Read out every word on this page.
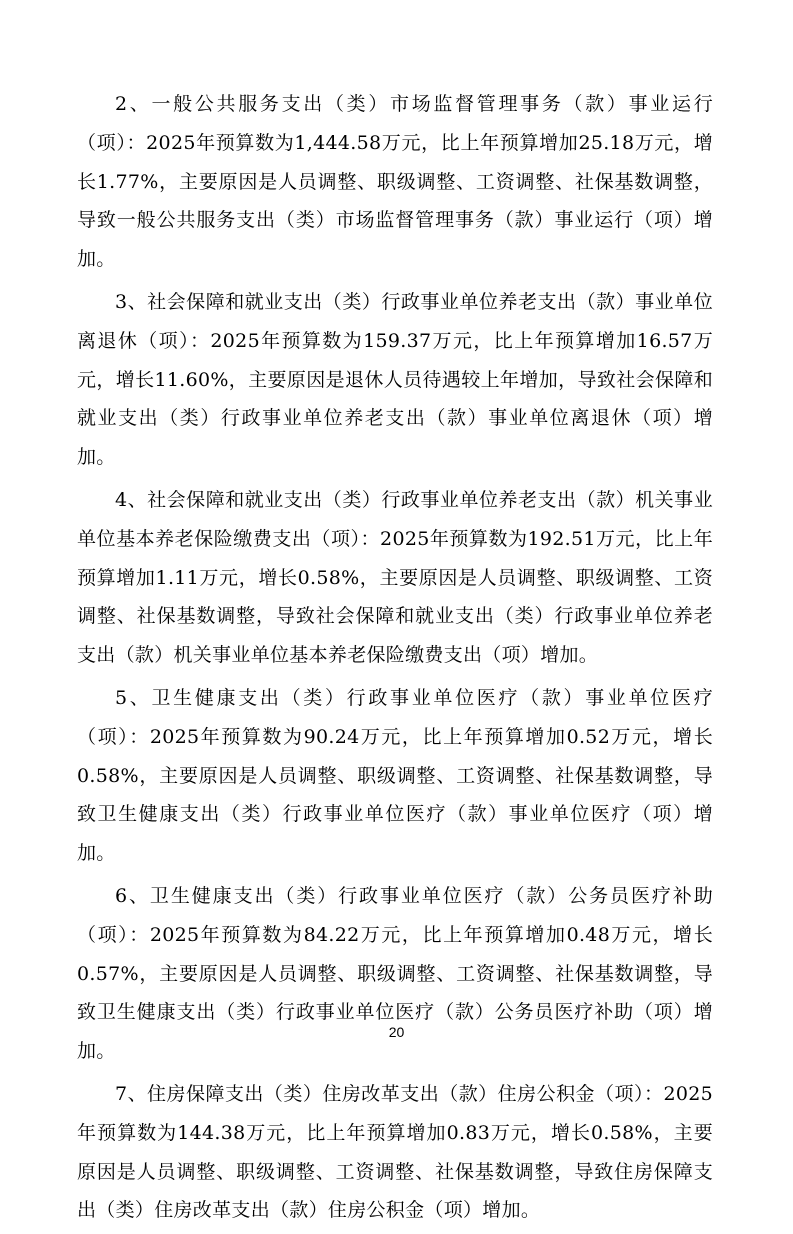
2、一般公共服务支出（类）市场监督管理事务（款）事业运行（项）：2025年预算数为1,444.58万元，比上年预算增加25.18万元，增长1.77%，主要原因是人员调整、职级调整、工资调整、社保基数调整，导致一般公共服务支出（类）市场监督管理事务（款）事业运行（项）增加。

3、社会保障和就业支出（类）行政事业单位养老支出（款）事业单位离退休（项）：2025年预算数为159.37万元，比上年预算增加16.57万元，增长11.60%，主要原因是退休人员待遇较上年增加，导致社会保障和就业支出（类）行政事业单位养老支出（款）事业单位离退休（项）增加。

4、社会保障和就业支出（类）行政事业单位养老支出（款）机关事业单位基本养老保险缴费支出（项）：2025年预算数为192.51万元，比上年预算增加1.11万元，增长0.58%，主要原因是人员调整、职级调整、工资调整、社保基数调整，导致社会保障和就业支出（类）行政事业单位养老支出（款）机关事业单位基本养老保险缴费支出（项）增加。

5、卫生健康支出（类）行政事业单位医疗（款）事业单位医疗（项）：2025年预算数为90.24万元，比上年预算增加0.52万元，增长0.58%，主要原因是人员调整、职级调整、工资调整、社保基数调整，导致卫生健康支出（类）行政事业单位医疗（款）事业单位医疗（项）增加。

6、卫生健康支出（类）行政事业单位医疗（款）公务员医疗补助（项）：2025年预算数为84.22万元，比上年预算增加0.48万元，增长0.57%，主要原因是人员调整、职级调整、工资调整、社保基数调整，导致卫生健康支出（类）行政事业单位医疗（款）公务员医疗补助（项）增加。

7、住房保障支出（类）住房改革支出（款）住房公积金（项）：2025年预算数为144.38万元，比上年预算增加0.83万元，增长0.58%，主要原因是人员调整、职级调整、工资调整、社保基数调整，导致住房保障支出（类）住房改革支出（款）住房公积金（项）增加。

20
